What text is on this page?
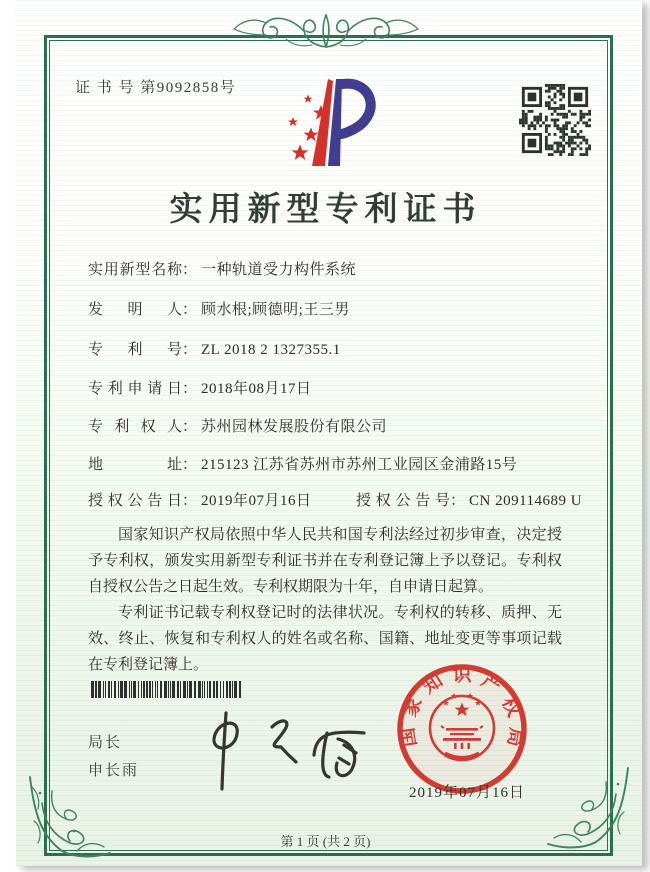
证 书 号 第9092858号
实用新型专利证书
实用新型名称： 一种轨道受力构件系统
发明人： 顾水根;顾德明;王三男
专利号： ZL 2018 2 1327355.1
专利申请日： 2018年08月17日
专利权人： 苏州园林发展股份有限公司
地址： 215123 江苏省苏州市苏州工业园区金浦路15号
授权公告日： 2019年07月16日	授权公告号： CN 209114689 U

国家知识产权局依照中华人民共和国专利法经过初步审查，决定授予专利权，颁发实用新型专利证书并在专利登记簿上予以登记。专利权自授权公告之日起生效。专利权期限为十年，自申请日起算。

专利证书记载专利权登记时的法律状况。专利权的转移、质押、无效、终止、恢复和专利权人的姓名或名称、国籍、地址变更等事项记载在专利登记簿上。

局长
申长雨
国家知识产权局
2019年07月16日
第 1 页 (共 2 页)
